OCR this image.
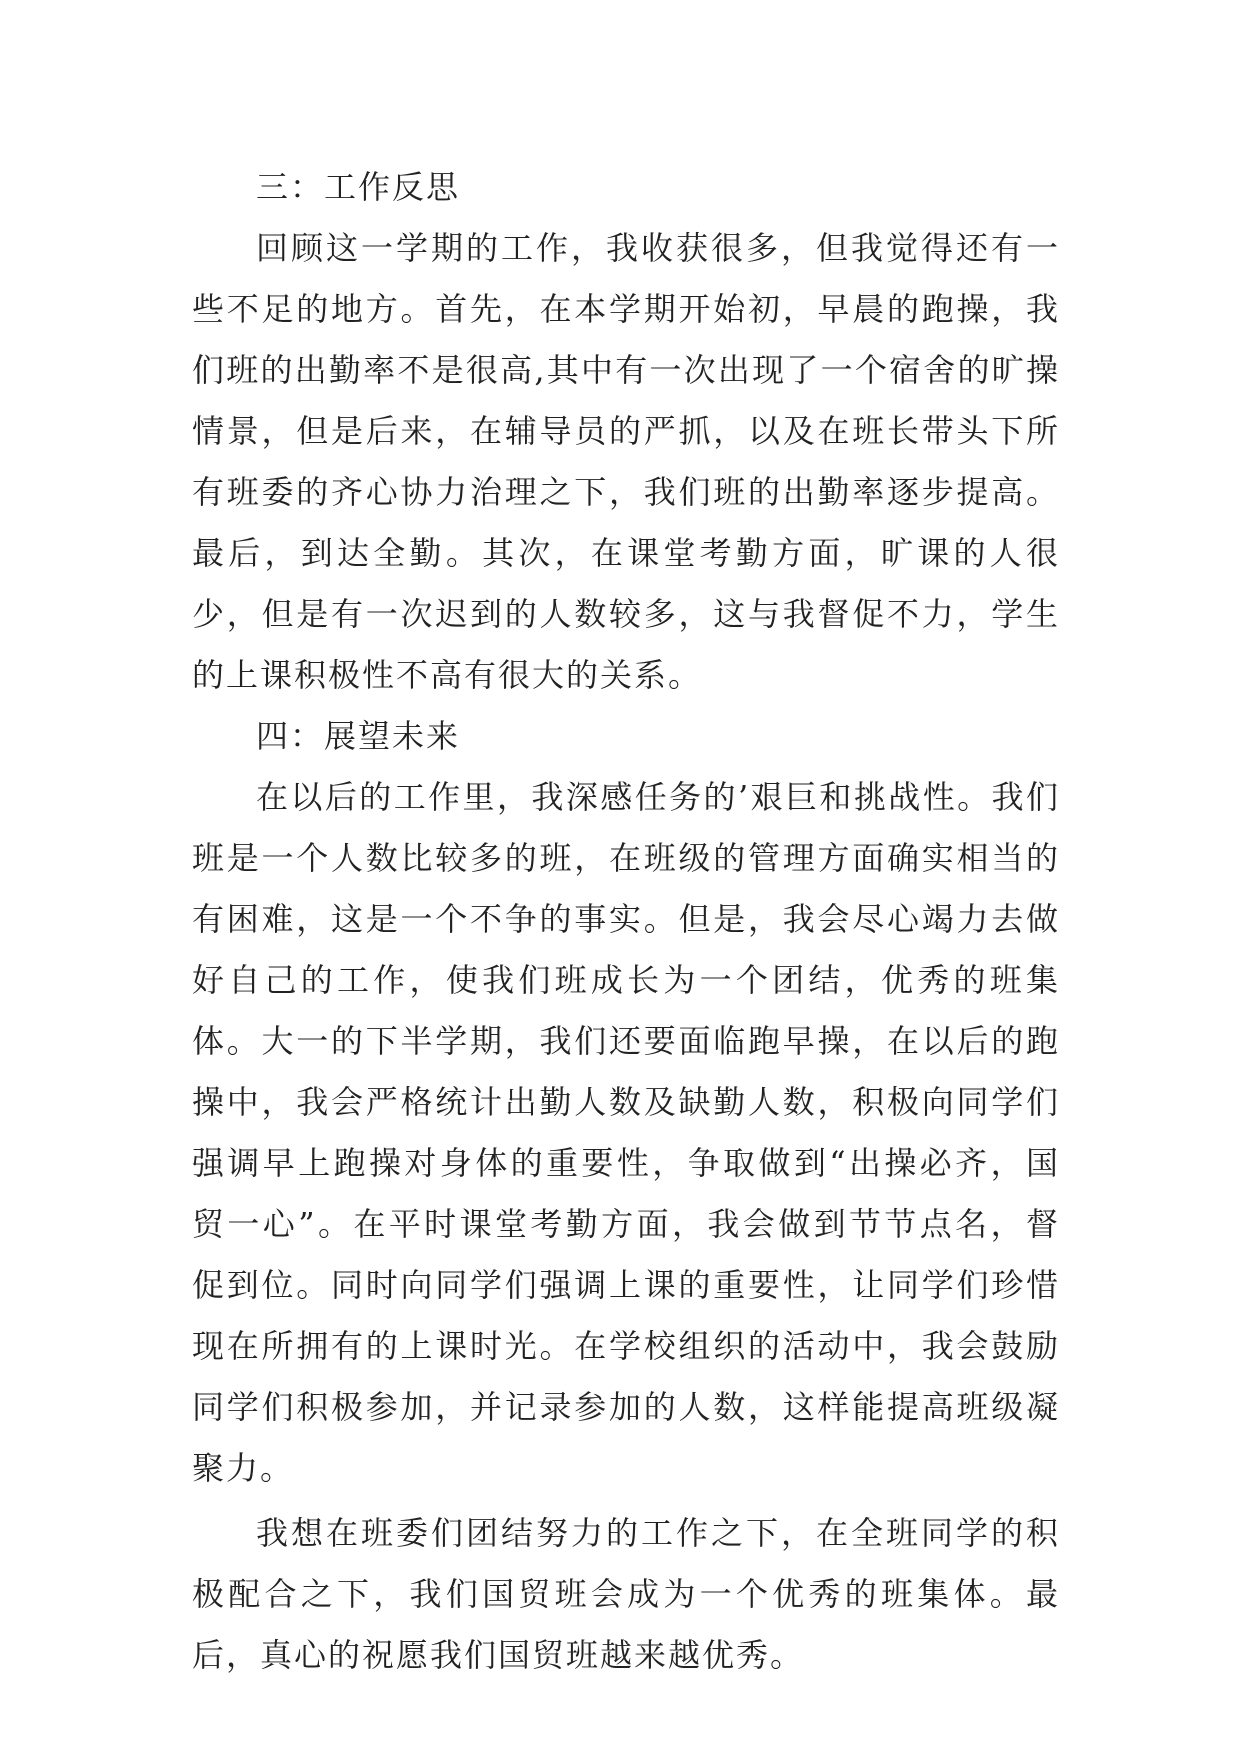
三：工作反思

回顾这一学期的工作，我收获很多，但我觉得还有一些不足的地方。首先，在本学期开始初，早晨的跑操，我们班的出勤率不是很高,其中有一次出现了一个宿舍的旷操情景，但是后来，在辅导员的严抓，以及在班长带头下所有班委的齐心协力治理之下，我们班的出勤率逐步提高。最后，到达全勤。其次，在课堂考勤方面，旷课的人很少，但是有一次迟到的人数较多，这与我督促不力，学生的上课积极性不高有很大的关系。

四：展望未来

在以后的工作里，我深感任务的’艰巨和挑战性。我们班是一个人数比较多的班，在班级的管理方面确实相当的有困难，这是一个不争的事实。但是，我会尽心竭力去做好自己的工作，使我们班成长为一个团结，优秀的班集体。大一的下半学期，我们还要面临跑早操，在以后的跑操中，我会严格统计出勤人数及缺勤人数，积极向同学们强调早上跑操对身体的重要性，争取做到“出操必齐，国贸一心”。在平时课堂考勤方面，我会做到节节点名，督促到位。同时向同学们强调上课的重要性，让同学们珍惜现在所拥有的上课时光。在学校组织的活动中，我会鼓励同学们积极参加，并记录参加的人数，这样能提高班级凝聚力。

我想在班委们团结努力的工作之下，在全班同学的积极配合之下，我们国贸班会成为一个优秀的班集体。最后，真心的祝愿我们国贸班越来越优秀。
